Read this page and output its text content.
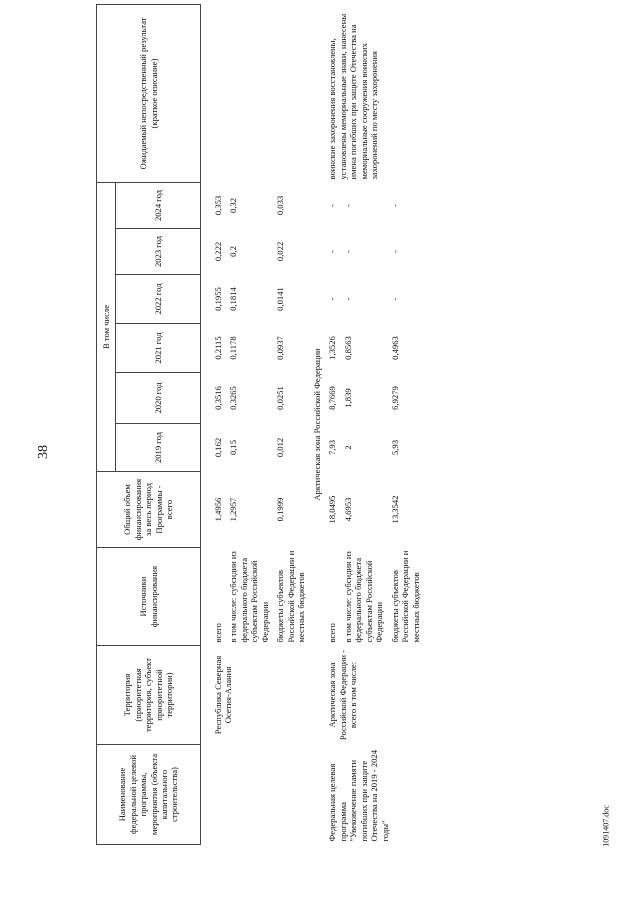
38
1091407.doc
Наименование федеральной целевой программы, мероприятия (объекта капитального строительства)	Территория (приоритетная территория, субъект приоритетной территории)	Источники финансирования	Общий объем финансирования за весь период Программы - всего	В том числе						Ожидаемый непосредственный результат (краткое описание)
				2019 год	2020 год	2021 год	2022 год	2023 год	2024 год	

	Республика Северная Осетия-Алания	всего	1,4956	0,162	0,3516	0,2115	0,1955	0,222	0,353	
		в том числе: субсидии из федерального бюджета субъектам Российской Федерации	1,2957	0,15	0,3265	0,1178	0,1814	0,2	0,32	
		бюджеты субъектов Российской Федерации и местных бюджетов	0,1999	0,012	0,0251	0,0937	0,0141	0,022	0,033	
Арктическая зона Российской Федерации										
Федеральная целевая программа "Увековечение памяти погибших при защите Отечества на 2019 - 2024 годы"	Арктическая зона Российской Федерации - всего в том числе:	всего	18,0495	7,93	8,7669	1,3526	-	-	-	воинские захоронения восстановлены, установлены мемориальные знаки, нанесены имена погибших при защите Отечества на мемориальные сооружения воинских захоронений по месту захоронения
		в том числе: субсидии из федерального бюджета субъектам Российской Федерации	4,6953	2	1,839	0,8563	-	-	-	
		бюджеты субъектов Российской Федерации и местных бюджетов	13,3542	5,93	6,9279	0,4963	-	-	-	
